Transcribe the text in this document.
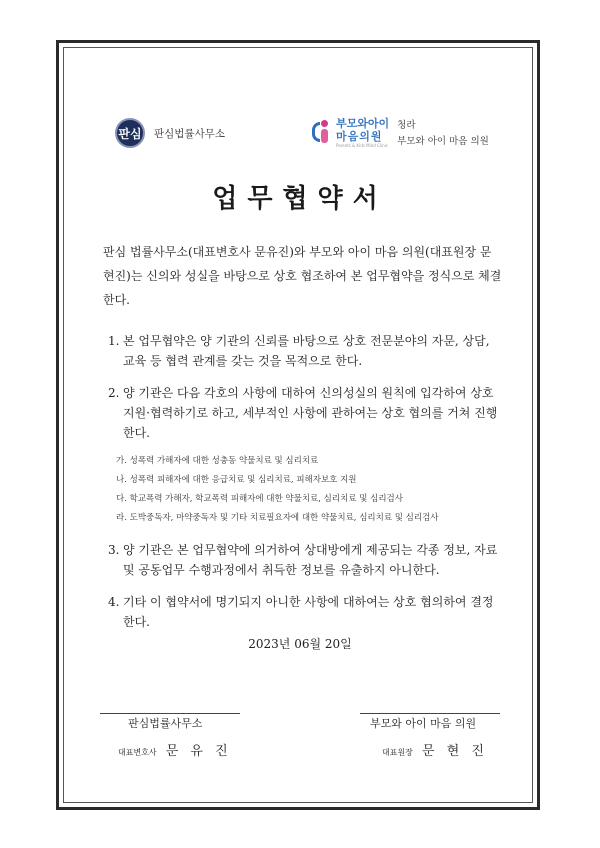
판심	판심법률사무소
부모와아이
마음의원
Parents & Kids Mind Clinic
청라
부모와 아이 마음 의원
업무협약서
판심 법률사무소(대표변호사 문유진)와 부모와 아이 마음 의원(대표원장 문현진)는 신의와 성실을 바탕으로 상호 협조하여 본 업무협약을 정식으로 체결한다.
1. 본 업무협약은 양 기관의 신뢰를 바탕으로 상호 전문분야의 자문, 상담, 교육 등 협력 관계를 갖는 것을 목적으로 한다.
2. 양 기관은 다음 각호의 사항에 대하여 신의성실의 원칙에 입각하여 상호지원·협력하기로 하고, 세부적인 사항에 관하여는 상호 협의를 거쳐 진행한다.
가. 성폭력 가해자에 대한 성충동 약물치료 및 심리치료
나. 성폭력 피해자에 대한 응급치료 및 심리치료, 피해자보호 지원
다. 학교폭력 가해자, 학교폭력 피해자에 대한 약물치료, 심리치료 및 심리검사
라. 도박중독자, 마약중독자 및 기타 치료필요자에 대한 약물치료, 심리치료 및 심리검사
3. 양 기관은 본 업무협약에 의거하여 상대방에게 제공되는 각종 정보, 자료 및 공동업무 수행과정에서 취득한 정보를 유출하지 아니한다.
4. 기타 이 협약서에 명기되지 아니한 사항에 대하여는 상호 협의하여 결정한다.
2023년 06월 20일
판심법률사무소
대표변호사 문 유 진
부모와 아이 마음 의원
대표원장 문 현 진
